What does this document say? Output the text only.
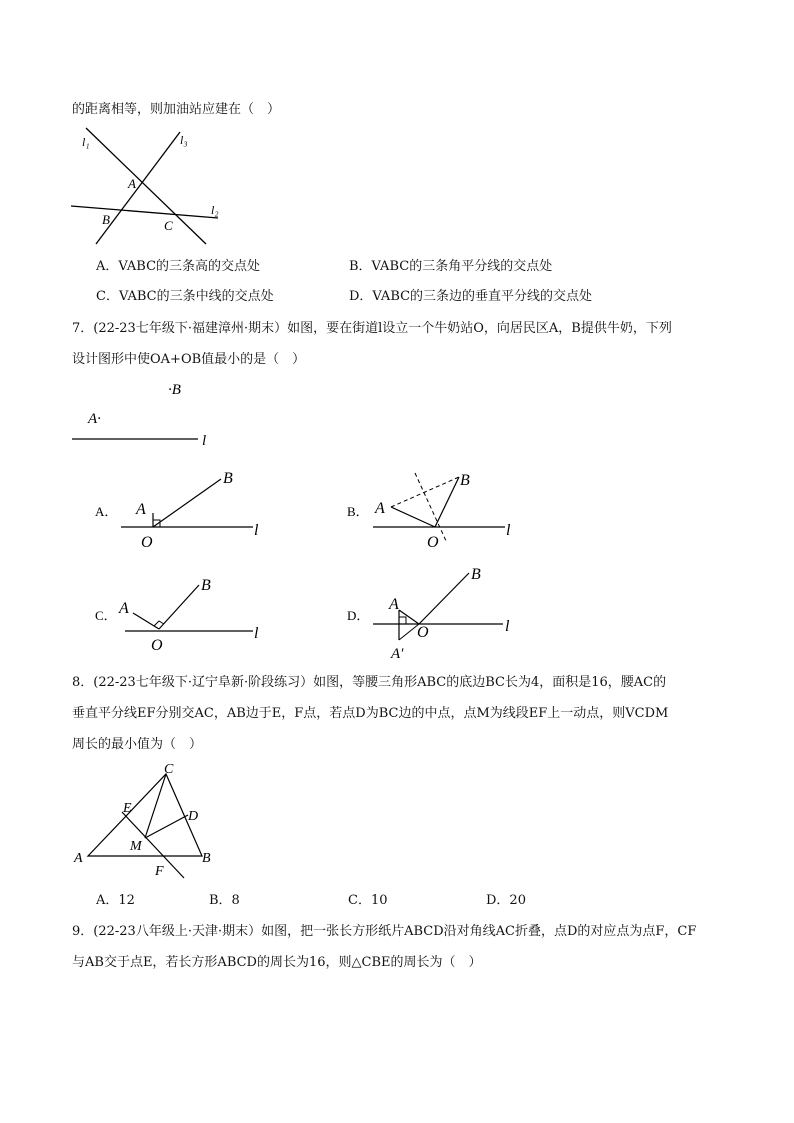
的距离相等，则加油站应建在（　）
l₁	l₃
A
B	C
l₂
A．VABC的三条高的交点处	B．VABC的三条角平分线的交点处
C．VABC的三条中线的交点处	D．VABC的三条边的垂直平分线的交点处
7．(22-23七年级下·福建漳州·期末）如图，要在街道l设立一个牛奶站O，向居民区A，B提供牛奶，下列
设计图形中使OA+OB值最小的是（　）
·B
A·
l
A． A
B
O
l
B． A
B
O
l
C． A
B
O
l
D．
A
B
O
A′
l
8．(22-23七年级下·辽宁阜新·阶段练习）如图，等腰三角形ABC的底边BC长为4，面积是16，腰AC的
垂直平分线EF分别交AC，AB边于E，F点，若点D为BC边的中点，点M为线段EF上一动点，则VCDM
周长的最小值为（　）
C
E
D
M
A	B
F
A．12	B．8	C．10	D．20
9．(22-23八年级上·天津·期末）如图，把一张长方形纸片ABCD沿对角线AC折叠，点D的对应点为点F，CF
与AB交于点E，若长方形ABCD的周长为16，则△CBE的周长为（　）
